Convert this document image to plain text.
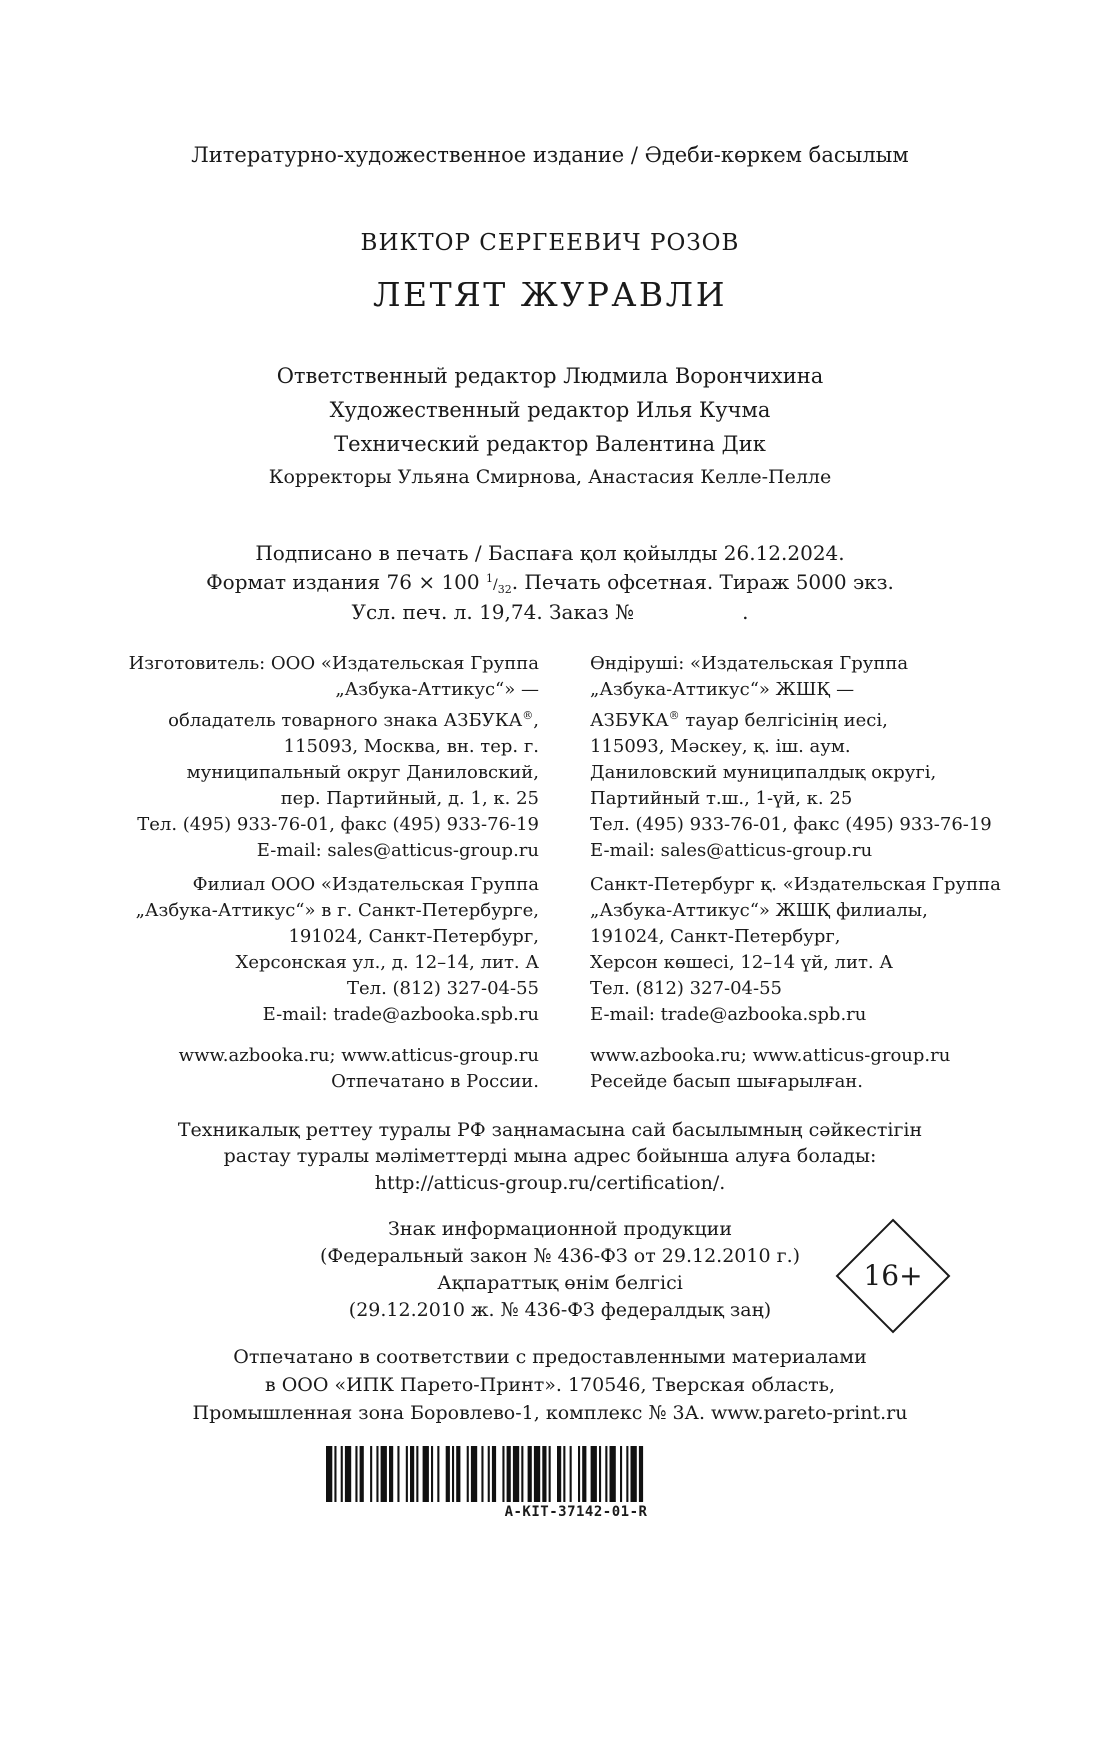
Литературно-художественное издание / Әдеби-көркем басылым
ВИКТОР СЕРГЕЕВИЧ РОЗОВ
ЛЕТЯТ ЖУРАВЛИ
Ответственный редактор Людмила Ворончихина
Художественный редактор Илья Кучма
Технический редактор Валентина Дик
Корректоры Ульяна Смирнова, Анастасия Келле-Пелле
Подписано в печать / Баспаға қол қойылды 26.12.2024.
Формат издания 76 × 100 $^1/_{32}$. Печать офсетная. Тираж 5000 экз.
Усл. печ. л. 19,74. Заказ №                 .
Изготовитель: ООО «Издательская Группа
„Азбука-Аттикус“» —
обладатель товарного знака АЗБУКА®,
115093, Москва, вн. тер. г.
муниципальный округ Даниловский,
пер. Партийный, д. 1, к. 25
Тел. (495) 933-76-01, факс (495) 933-76-19
E-mail: sales@atticus-group.ru
Өндіруші: «Издательская Группа
„Азбука-Аттикус“» ЖШҚ —
АЗБУКА® тауар белгісінің иесі,
115093, Мәскеу, қ. іш. аум.
Даниловский муниципалдық округі,
Партийный т.ш., 1-үй, к. 25
Тел. (495) 933-76-01, факс (495) 933-76-19
E-mail: sales@atticus-group.ru
Филиал ООО «Издательская Группа
„Азбука-Аттикус“» в г. Санкт-Петербурге,
191024, Санкт-Петербург,
Херсонская ул., д. 12–14, лит. А
Тел. (812) 327-04-55
E-mail: trade@azbooka.spb.ru
Санкт-Петербург қ. «Издательская Группа
„Азбука-Аттикус“» ЖШҚ филиалы,
191024, Санкт-Петербург,
Херсон көшесі, 12–14 үй, лит. А
Тел. (812) 327-04-55
E-mail: trade@azbooka.spb.ru
www.azbooka.ru; www.atticus-group.ru
Отпечатано в России.
www.azbooka.ru; www.atticus-group.ru
Ресейде басып шығарылған.
Техникалық реттеу туралы РФ заңнамасына сай басылымның сәйкестігін
растау туралы мәліметтерді мына адрес бойынша алуға болады:
http://atticus-group.ru/certification/.
Знак информационной продукции
(Федеральный закон № 436-ФЗ от 29.12.2010 г.)
Ақпараттық өнім белгісі
(29.12.2010 ж. № 436-ФЗ федералдық заң)
16+
Отпечатано в соответствии с предоставленными материалами
в ООО «ИПК Парето-Принт». 170546, Тверская область,
Промышленная зона Боровлево-1, комплекс № 3А. www.pareto-print.ru
A-KIT-37142-01-R
